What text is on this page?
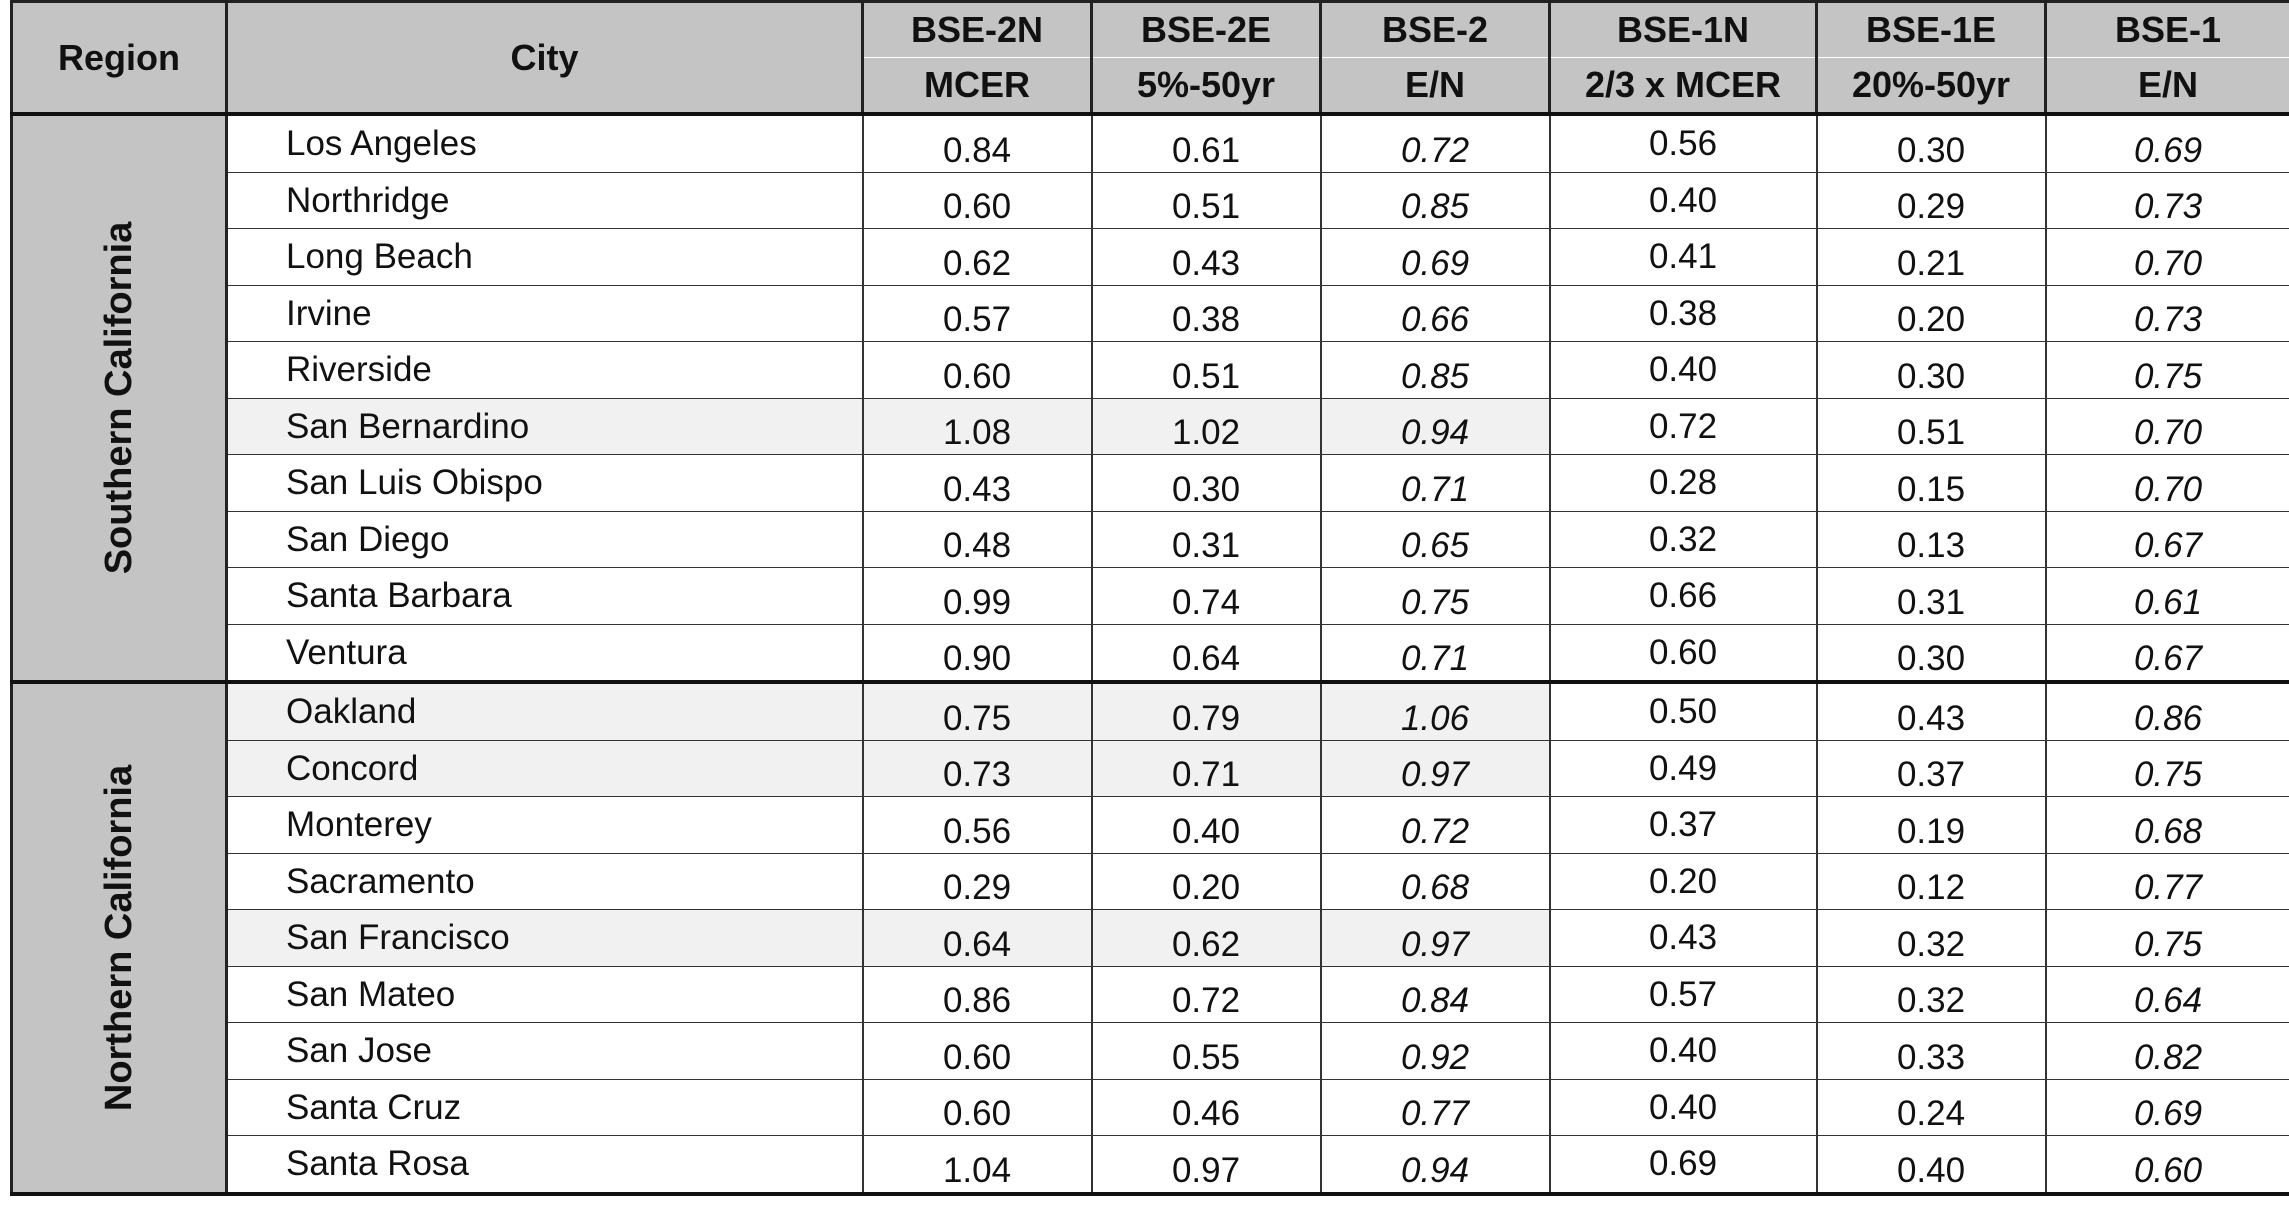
Region	City	BSE-2N	BSE-2E	BSE-2	BSE-1N	BSE-1E	BSE-1
		MCER	5%-50yr	E/N	2/3 x MCER	20%-50yr	E/N

Southern California	Los Angeles	0.84	0.61	0.72	0.56	0.30	0.69
	Northridge	0.60	0.51	0.85	0.40	0.29	0.73
	Long Beach	0.62	0.43	0.69	0.41	0.21	0.70
	Irvine	0.57	0.38	0.66	0.38	0.20	0.73
	Riverside	0.60	0.51	0.85	0.40	0.30	0.75
	San Bernardino	1.08	1.02	0.94	0.72	0.51	0.70
	San Luis Obispo	0.43	0.30	0.71	0.28	0.15	0.70
	San Diego	0.48	0.31	0.65	0.32	0.13	0.67
	Santa Barbara	0.99	0.74	0.75	0.66	0.31	0.61
	Ventura	0.90	0.64	0.71	0.60	0.30	0.67

Northern California	Oakland	0.75	0.79	1.06	0.50	0.43	0.86
	Concord	0.73	0.71	0.97	0.49	0.37	0.75
	Monterey	0.56	0.40	0.72	0.37	0.19	0.68
	Sacramento	0.29	0.20	0.68	0.20	0.12	0.77
	San Francisco	0.64	0.62	0.97	0.43	0.32	0.75
	San Mateo	0.86	0.72	0.84	0.57	0.32	0.64
	San Jose	0.60	0.55	0.92	0.40	0.33	0.82
	Santa Cruz	0.60	0.46	0.77	0.40	0.24	0.69
	Santa Rosa	1.04	0.97	0.94	0.69	0.40	0.60
